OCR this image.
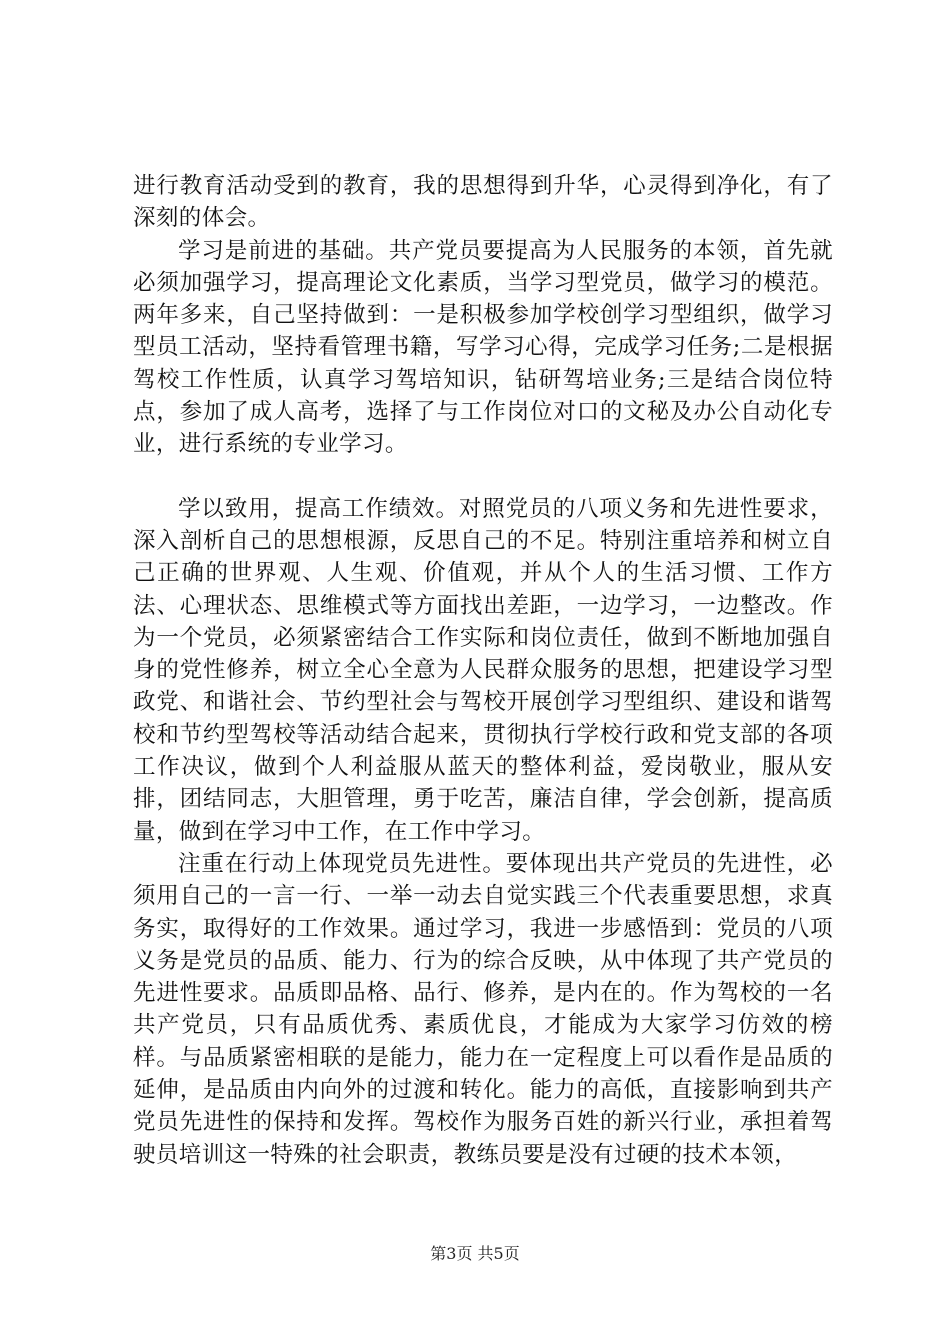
进行教育活动受到的教育，我的思想得到升华，心灵得到净化，有了深刻的体会。

学习是前进的基础。共产党员要提高为人民服务的本领，首先就必须加强学习，提高理论文化素质，当学习型党员，做学习的模范。两年多来，自己坚持做到：一是积极参加学校创学习型组织，做学习型员工活动，坚持看管理书籍，写学习心得，完成学习任务;二是根据驾校工作性质，认真学习驾培知识，钻研驾培业务;三是结合岗位特点，参加了成人高考，选择了与工作岗位对口的文秘及办公自动化专业，进行系统的专业学习。

学以致用，提高工作绩效。对照党员的八项义务和先进性要求，深入剖析自己的思想根源，反思自己的不足。特别注重培养和树立自己正确的世界观、人生观、价值观，并从个人的生活习惯、工作方法、心理状态、思维模式等方面找出差距，一边学习，一边整改。作为一个党员，必须紧密结合工作实际和岗位责任，做到不断地加强自身的党性修养，树立全心全意为人民群众服务的思想，把建设学习型政党、和谐社会、节约型社会与驾校开展创学习型组织、建设和谐驾校和节约型驾校等活动结合起来，贯彻执行学校行政和党支部的各项工作决议，做到个人利益服从蓝天的整体利益，爱岗敬业，服从安排，团结同志，大胆管理，勇于吃苦，廉洁自律，学会创新，提高质量，做到在学习中工作，在工作中学习。

注重在行动上体现党员先进性。要体现出共产党员的先进性，必须用自己的一言一行、一举一动去自觉实践三个代表重要思想，求真务实，取得好的工作效果。通过学习，我进一步感悟到：党员的八项义务是党员的品质、能力、行为的综合反映，从中体现了共产党员的先进性要求。品质即品格、品行、修养，是内在的。作为驾校的一名共产党员，只有品质优秀、素质优良，才能成为大家学习仿效的榜样。与品质紧密相联的是能力，能力在一定程度上可以看作是品质的延伸，是品质由内向外的过渡和转化。能力的高低，直接影响到共产党员先进性的保持和发挥。驾校作为服务百姓的新兴行业，承担着驾驶员培训这一特殊的社会职责，教练员要是没有过硬的技术本领，

第3页 共5页
